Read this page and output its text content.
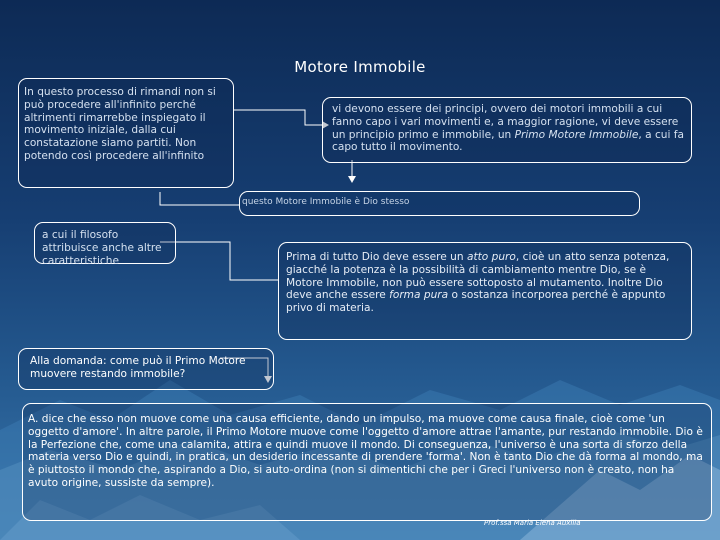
Motore Immobile
In questo processo di rimandi non si può procedere all'infinito perché altrimenti rimarrebbe inspiegato il movimento iniziale, dalla cui constatazione siamo partiti. Non potendo così procedere all'infinito
vi devono essere dei principi, ovvero dei motori immobili a cui fanno capo i vari movimenti e, a maggior ragione, vi deve essere un principio primo e immobile, un Primo Motore Immobile, a cui fa capo tutto il movimento.
questo Motore Immobile è Dio stesso
a cui il filosofo attribuisce anche altre caratteristiche	Prima di tutto Dio deve essere un atto puro, cioè un atto senza potenza, giacché la potenza è la possibilità di cambiamento mentre Dio, se è Motore Immobile, non può essere sottoposto al mutamento. Inoltre Dio deve anche essere forma pura o sostanza incorporea perché è appunto privo di materia.
Alla domanda: come può il Primo Motore muovere restando immobile?
A. dice che esso non muove come una causa efficiente, dando un impulso, ma muove come causa finale, cioè come 'un oggetto d'amore'. In altre parole, il Primo Motore muove come l'oggetto d'amore attrae l'amante, pur restando immobile. Dio è la Perfezione che, come una calamita, attira e quindi muove il mondo. Di conseguenza, l'universo è una sorta di sforzo della materia verso Dio e quindi, in pratica, un desiderio incessante di prendere 'forma'. Non è tanto Dio che dà forma al mondo, ma è piuttosto il mondo che, aspirando a Dio, si auto-ordina (non si dimentichi che per i Greci l'universo non è creato, non ha avuto origine, sussiste da sempre).
Prof.ssa Maria Elena Auxilia
